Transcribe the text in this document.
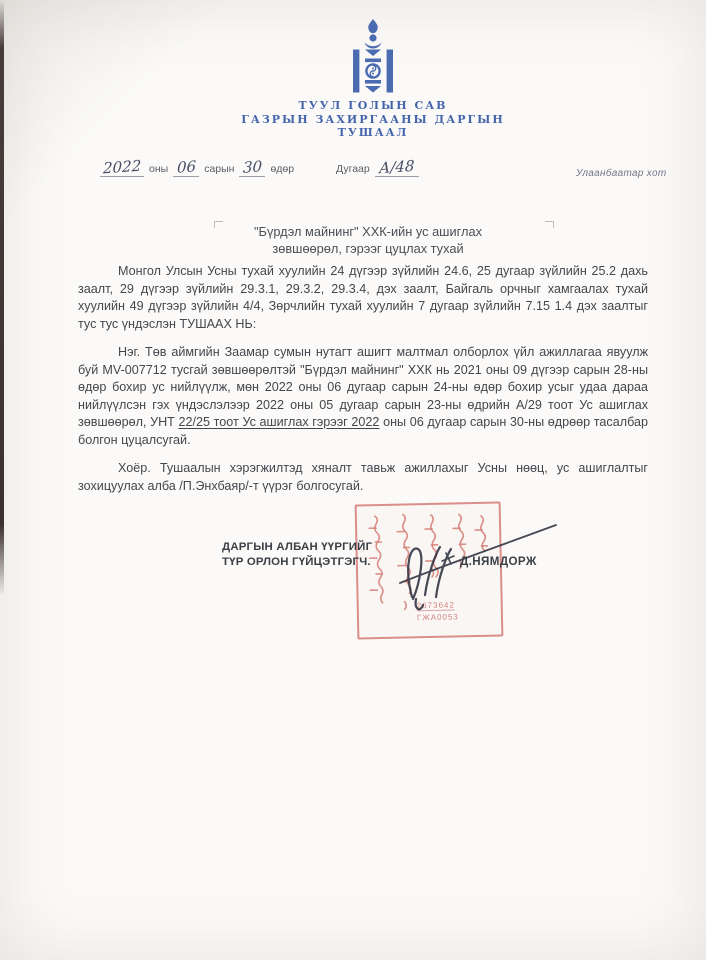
ТУУЛ ГОЛЫН САВ
ГАЗРЫН ЗАХИРГААНЫ ДАРГЫН
ТУШААЛ
2022 оны 06 сарын 30 өдөр	Дугаар А/48	Улаанбаатар хот
"Бүрдэл майнинг" ХХК-ийн ус ашиглах
зөвшөөрөл, гэрээг цуцлах тухай

Монгол Улсын Усны тухай хуулийн 24 дүгээр зүйлийн 24.6, 25 дугаар зүйлийн 25.2 дахь заалт, 29 дүгээр зүйлийн 29.3.1, 29.3.2, 29.3.4, дэх заалт, Байгаль орчныг хамгаалах тухай хуулийн 49 дүгээр зүйлийн 4/4, Зөрчлийн тухай хуулийн 7 дугаар зүйлийн 7.15 1.4 дэх заалтыг тус тус үндэслэн ТУШААХ НЬ:

Нэг. Төв аймгийн Заамар сумын нутагт ашигт малтмал олборлох үйл ажиллагаа явуулж буй MV-007712 тусгай зөвшөөрөлтэй "Бүрдэл майнинг" ХХК нь 2021 оны 09 дүгээр сарын 28-ны өдөр бохир ус нийлүүлж, мөн 2022 оны 06 дугаар сарын 24-ны өдөр бохир усыг удаа дараа нийлүүлсэн гэх үндэслэлээр 2022 оны 05 дугаар сарын 23-ны өдрийн А/29 тоот Ус ашиглах зөвшөөрөл, УНТ 22/25 тоот Ус ашиглах гэрээг 2022 оны 06 дугаар сарын 30-ны өдрөөр тасалбар болгон цуцалсугай.

Хоёр. Тушаалын хэрэгжилтэд хяналт тавьж ажиллахыг Усны нөөц, ус ашиглалтыг зохицуулах алба /П.Энхбаяр/-т үүрэг болгосугай.

2673642
ГЖА0053
ДАРГЫН АЛБАН ҮҮРГИЙГ
ТҮР ОРЛОН ГҮЙЦЭТГЭГЧ.	Д.НЯМДОРЖ
